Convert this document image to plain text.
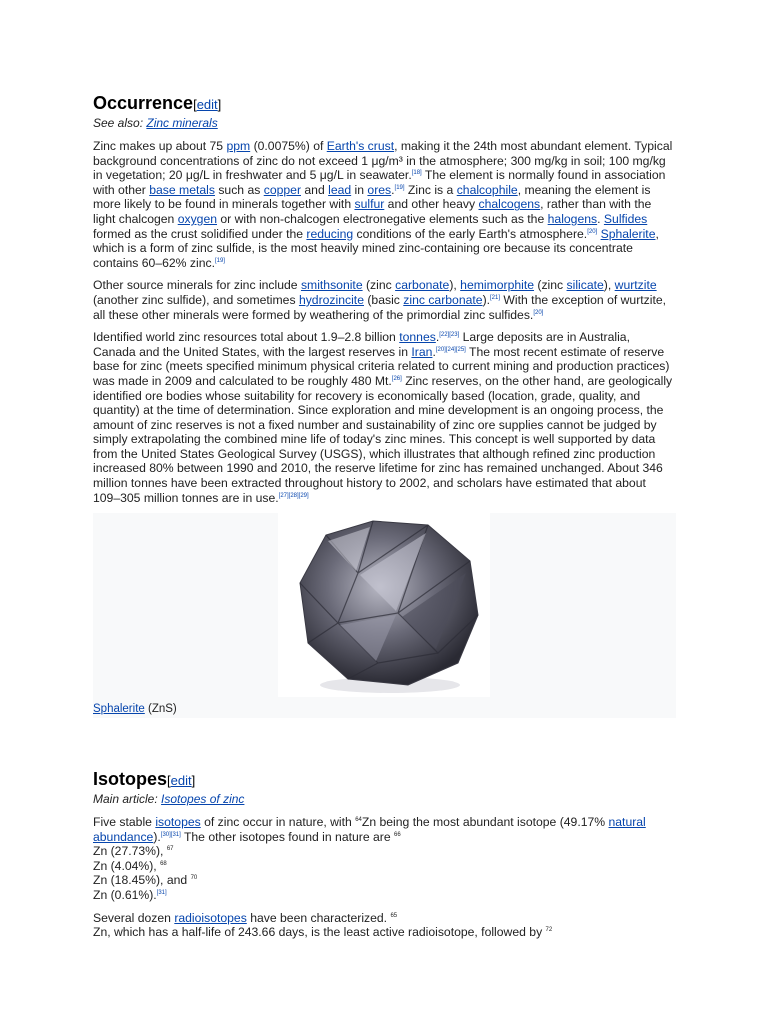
Occurrence[edit]
See also: Zinc minerals

Zinc makes up about 75 ppm (0.0075%) of Earth's crust, making it the 24th most abundant element. Typical background concentrations of zinc do not exceed 1 μg/m³ in the atmosphere; 300 mg/kg in soil; 100 mg/kg in vegetation; 20 μg/L in freshwater and 5 μg/L in seawater.[18] The element is normally found in association with other base metals such as copper and lead in ores.[19] Zinc is a chalcophile, meaning the element is more likely to be found in minerals together with sulfur and other heavy chalcogens, rather than with the light chalcogen oxygen or with non-chalcogen electronegative elements such as the halogens. Sulfides formed as the crust solidified under the reducing conditions of the early Earth's atmosphere.[20] Sphalerite, which is a form of zinc sulfide, is the most heavily mined zinc-containing ore because its concentrate contains 60–62% zinc.[19]

Other source minerals for zinc include smithsonite (zinc carbonate), hemimorphite (zinc silicate), wurtzite (another zinc sulfide), and sometimes hydrozincite (basic zinc carbonate).[21] With the exception of wurtzite, all these other minerals were formed by weathering of the primordial zinc sulfides.[20]

Identified world zinc resources total about 1.9–2.8 billion tonnes.[22][23] Large deposits are in Australia, Canada and the United States, with the largest reserves in Iran.[20][24][25] The most recent estimate of reserve base for zinc (meets specified minimum physical criteria related to current mining and production practices) was made in 2009 and calculated to be roughly 480 Mt.[26] Zinc reserves, on the other hand, are geologically identified ore bodies whose suitability for recovery is economically based (location, grade, quality, and quantity) at the time of determination. Since exploration and mine development is an ongoing process, the amount of zinc reserves is not a fixed number and sustainability of zinc ore supplies cannot be judged by simply extrapolating the combined mine life of today's zinc mines. This concept is well supported by data from the United States Geological Survey (USGS), which illustrates that although refined zinc production increased 80% between 1990 and 2010, the reserve lifetime for zinc has remained unchanged. About 346 million tonnes have been extracted throughout history to 2002, and scholars have estimated that about 109–305 million tonnes are in use.[27][28][29]

Sphalerite (ZnS)
Isotopes[edit]
Main article: Isotopes of zinc

Five stable isotopes of zinc occur in nature, with $^{64}$Zn being the most abundant isotope (49.17% natural abundance).[30][31] The other isotopes found in nature are $^{66}$
Zn (27.73%), $^{67}$
Zn (4.04%), $^{68}$
Zn (18.45%), and $^{70}$
Zn (0.61%).[31]

Several dozen radioisotopes have been characterized. $^{65}$
Zn, which has a half-life of 243.66 days, is the least active radioisotope, followed by $^{72}$
